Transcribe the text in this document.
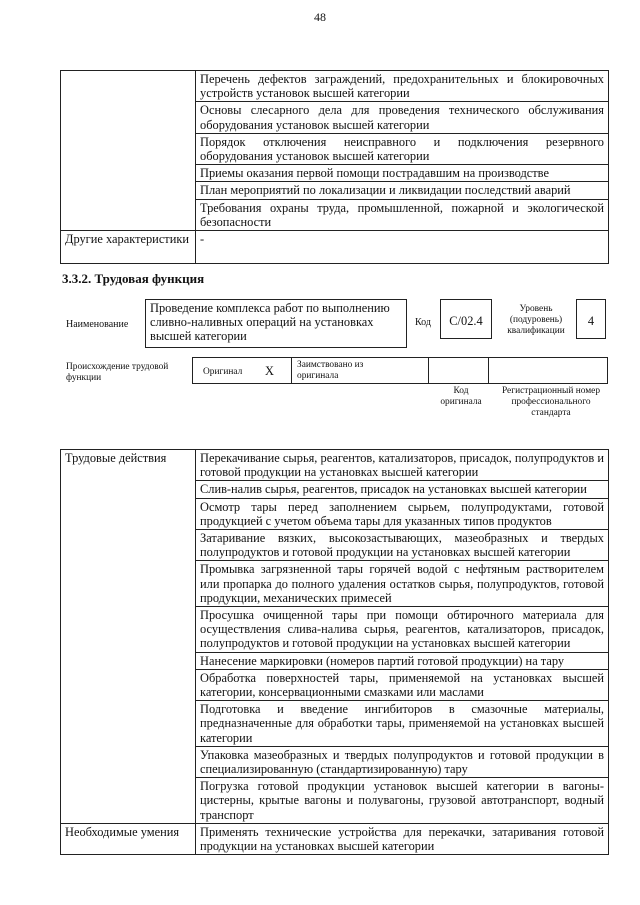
48
	Перечень дефектов заграждений, предохранительных и блокировочных устройств установок высшей категории
	Основы слесарного дела для проведения технического обслуживания оборудования установок высшей категории
	Порядок отключения неисправного и подключения резервного оборудования установок высшей категории
	Приемы оказания первой помощи пострадавшим на производстве
	План мероприятий по локализации и ликвидации последствий аварий
	Требования охраны труда, промышленной, пожарной и экологической безопасности
Другие характеристики	-
3.3.2. Трудовая функция
Наименование
Проведение комплекса работ по выполнению сливно-наливных операций на установках высшей категории
Код	C/02.4
Уровень (подуровень) квалификации
4
Происхождение трудовой функции
Оригинал X Заимствовано из оригинала
Код оригинала
Регистрационный номер профессионального стандарта
Трудовые действия	Перекачивание сырья, реагентов, катализаторов, присадок, полупродуктов и готовой продукции на установках высшей категории
	Слив-налив сырья, реагентов, присадок на установках высшей категории
	Осмотр тары перед заполнением сырьем, полупродуктами, готовой продукцией с учетом объема тары для указанных типов продуктов
	Затаривание вязких, высокозастывающих, мазеобразных и твердых полупродуктов и готовой продукции на установках высшей категории
	Промывка загрязненной тары горячей водой с нефтяным растворителем или пропарка до полного удаления остатков сырья, полупродуктов, готовой продукции, механических примесей
	Просушка очищенной тары при помощи обтирочного материала для осуществления слива-налива сырья, реагентов, катализаторов, присадок, полупродуктов и готовой продукции на установках высшей категории
	Нанесение маркировки (номеров партий готовой продукции) на тару
	Обработка поверхностей тары, применяемой на установках высшей категории, консервационными смазками или маслами
	Подготовка и введение ингибиторов в смазочные материалы, предназначенные для обработки тары, применяемой на установках высшей категории
	Упаковка мазеобразных и твердых полупродуктов и готовой продукции в специализированную (стандартизированную) тару
	Погрузка готовой продукции установок высшей категории в вагоны-цистерны, крытые вагоны и полувагоны, грузовой автотранспорт, водный транспорт
Необходимые умения	Применять технические устройства для перекачки, затаривания готовой продукции на установках высшей категории
